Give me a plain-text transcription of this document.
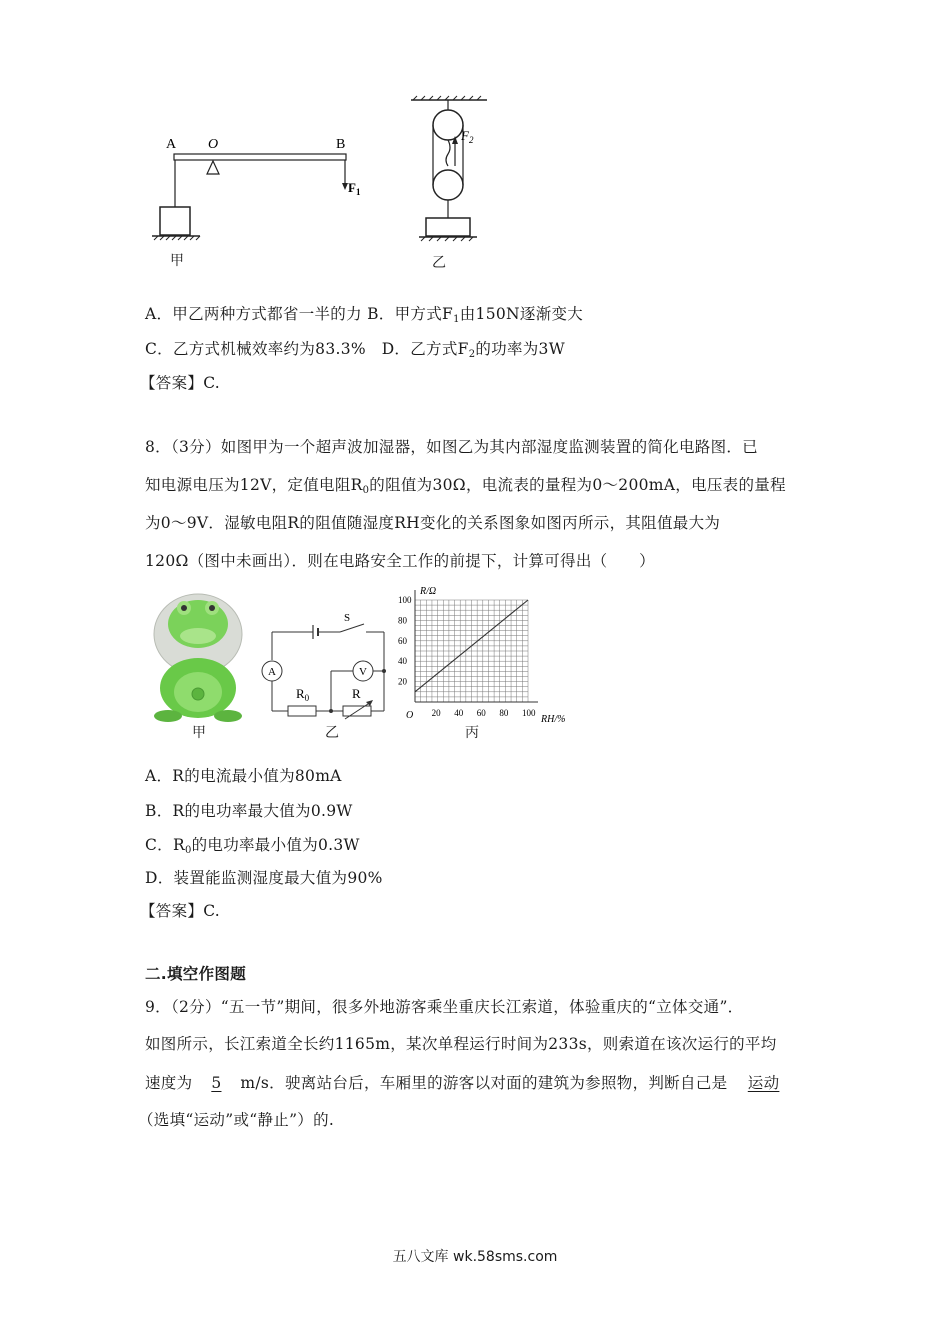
A O	B
$F_1$
甲
$F_2$
乙
A．甲乙两种方式都省一半的力 B．甲方式$F_1$由150N逐渐变大
C．乙方式机械效率约为83.3%　D．乙方式$F_2$的功率为3W
【答案】C.
8．（3分）如图甲为一个超声波加湿器，如图乙为其内部湿度监测装置的简化电路图．已
知电源电压为12V，定值电阻$R_0$的阻值为30Ω，电流表的量程为0～200mA，电压表的量程
为0～9V．湿敏电阻R的阻值随湿度RH变化的关系图象如图丙所示，其阻值最大为
120Ω（图中未画出）．则在电路安全工作的前提下，计算可得出（　　）
甲
S
A
$R_0$	R
V
乙
R/Ω
RH/%
O
100
80
60
40
20
20 40 60 80 100
丙
A．R的电流最小值为80mA
B．R的电功率最大值为0.9W
C．$R_0$的电功率最小值为0.3W
D．装置能监测湿度最大值为90%
【答案】C.
二.填空作图题
9．（2分）“五一节”期间，很多外地游客乘坐重庆长江索道，体验重庆的“立体交通”．
如图所示，长江索道全长约1165m，某次单程运行时间为233s，则索道在该次运行的平均
速度为 5 m/s．驶离站台后，车厢里的游客以对面的建筑为参照物，判断自己是 运动
（选填“运动”或“静止”）的.
五八文库 wk.58sms.com
